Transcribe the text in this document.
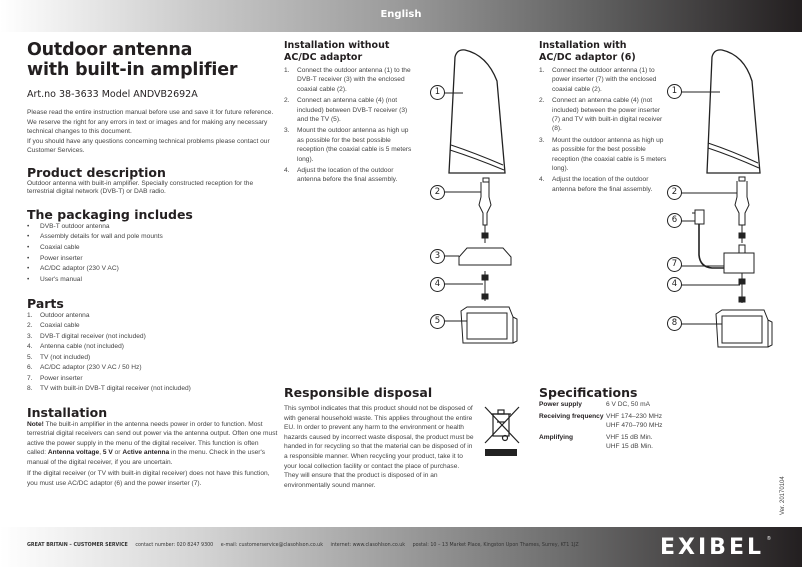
English
Outdoor antenna
with built-in amplifier
Art.no 38-3633 Model ANDVB2692A

Please read the entire instruction manual before use and save it for future reference. We reserve the right for any errors in text or images and for making any necessary technical changes to this document.

If you should have any questions concerning technical problems please contact our Customer Services.

Product description

Outdoor antenna with built-in amplifier. Specially constructed reception for the terrestrial digital network (DVB-T) or DAB radio.

The packaging includes
• DVB-T outdoor antenna
• Assembly details for wall and pole mounts
• Coaxial cable
• Power inserter
• AC/DC adaptor (230 V AC)
• User's manual
Parts
1. Outdoor antenna
2. Coaxial cable
3. DVB-T digital receiver (not included)
4. Antenna cable (not included)
5. TV (not included)
6. AC/DC adaptor (230 V AC / 50 Hz)
7. Power inserter
8. TV with built-in DVB-T digital receiver (not included)
Installation

Note! The built-in amplifier in the antenna needs power in order to function. Most terrestrial digital receivers can send out power via the antenna output. Often one must active the power supply in the menu of the digital receiver. This function is often called: Antenna voltage, 5 V or Active antenna in the menu. Check in the user's manual of the digital receiver, if you are uncertain.

If the digital receiver (or TV with built-in digital receiver) does not have this function, you must use AC/DC adaptor (6) and the power inserter (7).

Installation without
AC/DC adaptor
1. Connect the outdoor antenna (1) to the DVB-T receiver (3) with the enclosed coaxial cable (2).
2. Connect an antenna cable (4) (not included) between DVB-T receiver (3) and the TV (5).
3. Mount the outdoor antenna as high up as possible for the best possible reception (the coaxial cable is 5 meters long).
4. Adjust the location of the outdoor antenna before the final assembly.
1
2
3
4
5
Installation with
AC/DC adaptor (6)
1. Connect the outdoor antenna (1) to power inserter (7) with the enclosed coaxial cable (2).
2. Connect an antenna cable (4) (not included) between the power inserter (7) and TV with built-in digital receiver (8).
3. Mount the outdoor antenna as high up as possible for the best possible reception (the coaxial cable is 5 meters long).
4. Adjust the location of the outdoor antenna before the final assembly.
1
2
6
7
4
8
Responsible disposal

This symbol indicates that this product should not be disposed of with general household waste. This applies throughout the entire EU. In order to prevent any harm to the environment or health hazards caused by incorrect waste disposal, the product must be handed in for recycling so that the material can be disposed of in a responsible manner. When recycling your product, take it to your local collection facility or contact the place of purchase. They will ensure that the product is disposed of in an environmentally sound manner.

Specifications
Power supply	6 V DC, 50 mA
Receiving frequency VHF 174–230 MHz
UHF 470–790 MHz
Amplifying	VHF 15 dB Min.
UHF 15 dB Min.
Ver. 20170104
GREAT BRITAIN – CUSTOMER SERVICE contact number: 020 8247 9300 e-mail: customerservice@clasohlson.co.uk internet: www.clasohlson.co.uk postal: 10 – 13 Market Place, Kingston Upon Thames, Surrey, KT1 1JZ	EXIBEL ®
